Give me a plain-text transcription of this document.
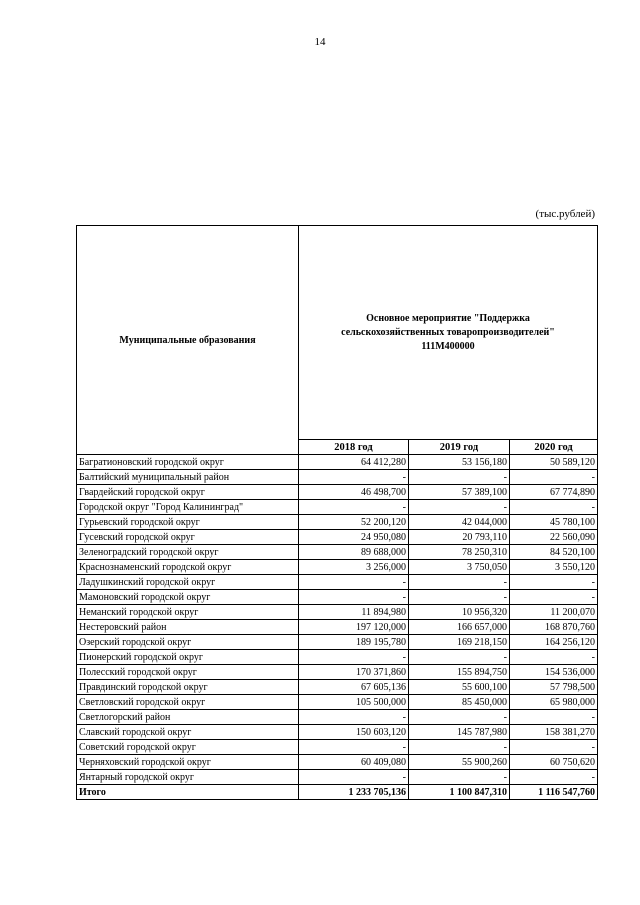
14
(тыс.рублей)
Муниципальные образования	Основное мероприятие "Поддержка
сельскохозяйственных товаропроизводителей"
111М400000		
	2018 год	2019 год	2020 год
Багратионовский городской округ	64 412,280	53 156,180	50 589,120
Балтийский муниципальный район	-	-	-
Гвардейский городской округ	46 498,700	57 389,100	67 774,890
Городской округ "Город Калининград"	-	-	-
Гурьевский городской округ	52 200,120	42 044,000	45 780,100
Гусевский городской округ	24 950,080	20 793,110	22 560,090
Зеленоградский городской округ	89 688,000	78 250,310	84 520,100
Краснознаменский городской округ	3 256,000	3 750,050	3 550,120
Ладушкинский городской округ	-	-	-
Мамоновский городской округ	-	-	-
Неманский городской округ	11 894,980	10 956,320	11 200,070
Нестеровский район	197 120,000	166 657,000	168 870,760
Озерский городской округ	189 195,780	169 218,150	164 256,120
Пионерский городской округ	-	-	-
Полесский городской округ	170 371,860	155 894,750	154 536,000
Правдинский городской округ	67 605,136	55 600,100	57 798,500
Светловский городской округ	105 500,000	85 450,000	65 980,000
Светлогорский район	-	-	-
Славский городской округ	150 603,120	145 787,980	158 381,270
Советский городской округ	-	-	-
Черняховский городской округ	60 409,080	55 900,260	60 750,620
Янтарный городской округ	-	-	-
Итого	1 233 705,136	1 100 847,310	1 116 547,760
